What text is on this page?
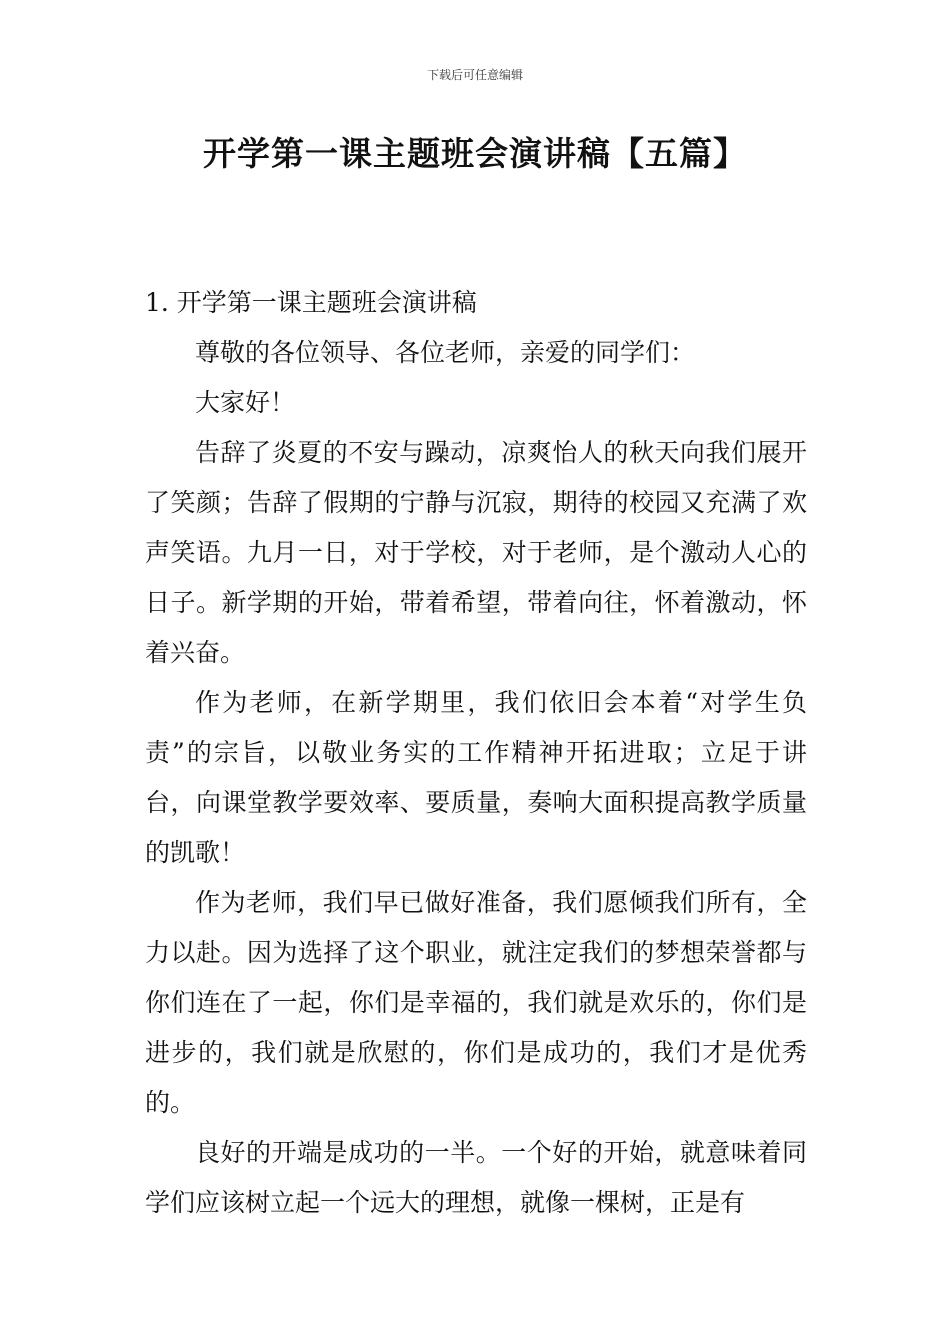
下载后可任意编辑
开学第一课主题班会演讲稿【五篇】

1. 开学第一课主题班会演讲稿

尊敬的各位领导、各位老师，亲爱的同学们：

大家好！

告辞了炎夏的不安与躁动，凉爽怡人的秋天向我们展开了笑颜；告辞了假期的宁静与沉寂，期待的校园又充满了欢声笑语。九月一日，对于学校，对于老师，是个激动人心的日子。新学期的开始，带着希望，带着向往，怀着激动，怀着兴奋。

作为老师，在新学期里，我们依旧会本着“对学生负责”的宗旨，以敬业务实的工作精神开拓进取；立足于讲台，向课堂教学要效率、要质量，奏响大面积提高教学质量的凯歌！

作为老师，我们早已做好准备，我们愿倾我们所有，全力以赴。因为选择了这个职业，就注定我们的梦想荣誉都与你们连在了一起，你们是幸福的，我们就是欢乐的，你们是进步的，我们就是欣慰的，你们是成功的，我们才是优秀的。

良好的开端是成功的一半。一个好的开始，就意味着同学们应该树立起一个远大的理想，就像一棵树，正是有
